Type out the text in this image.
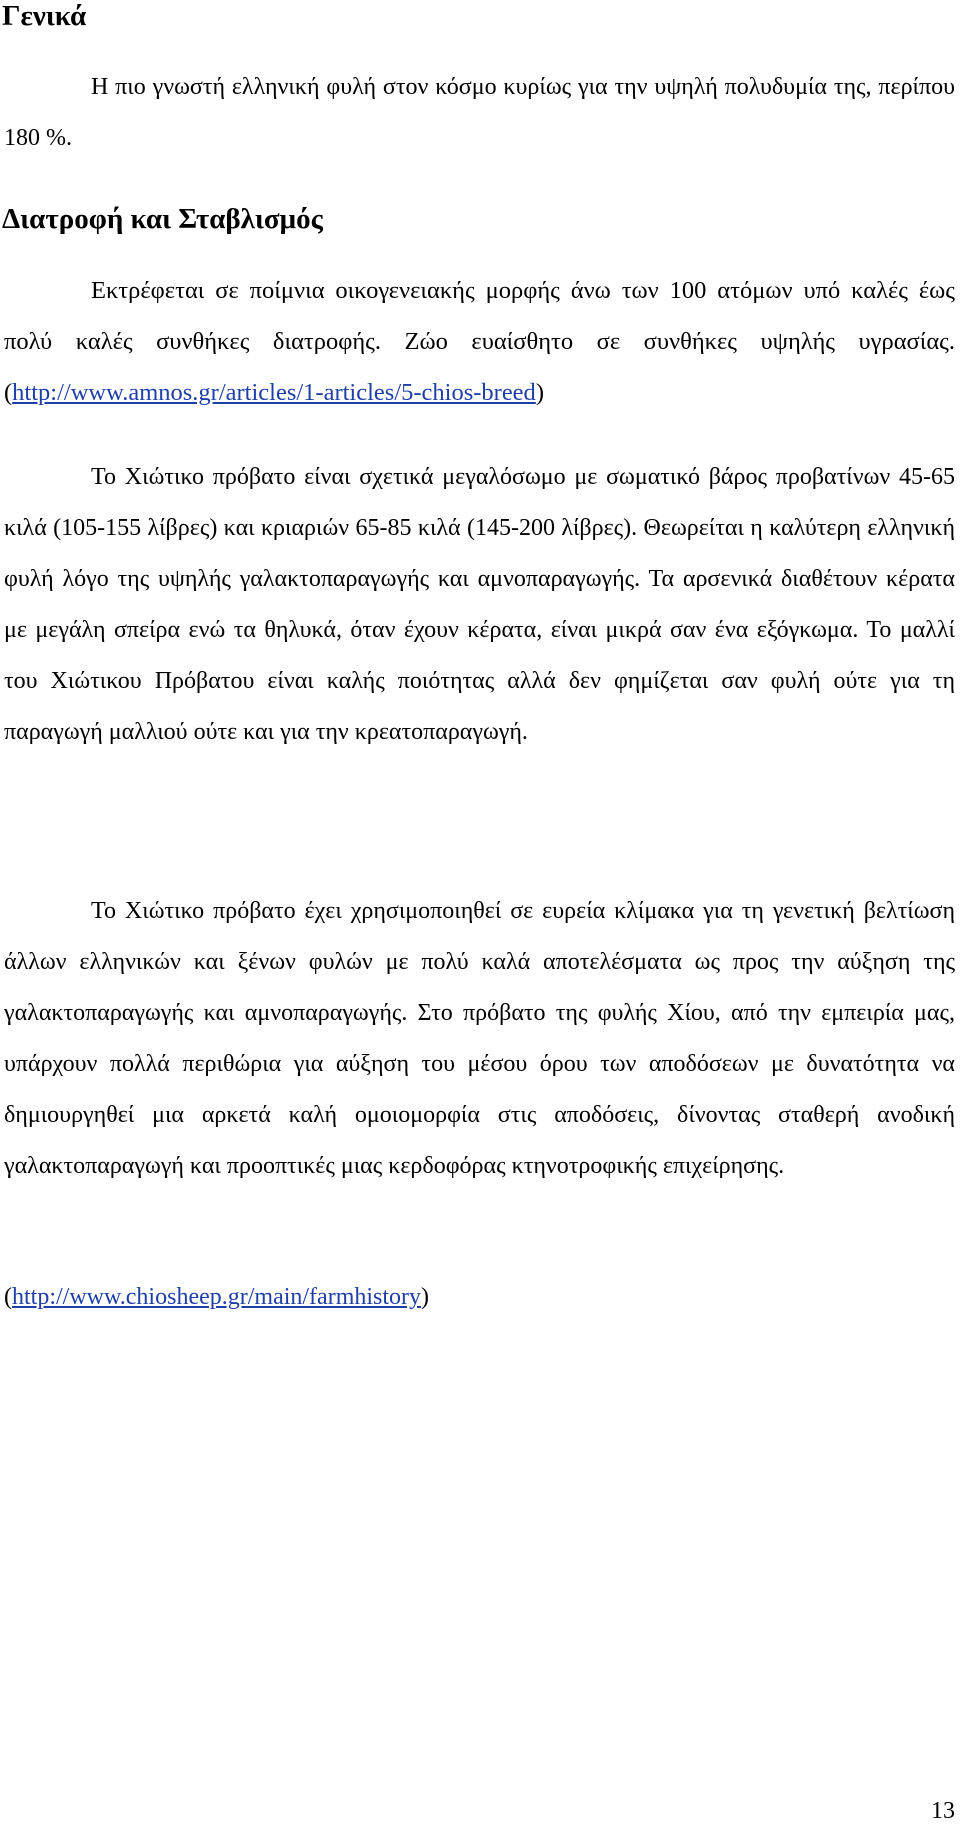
Γενικά

Η πιο γνωστή ελληνική φυλή στον κόσμο κυρίως για την υψηλή πολυδυμία της, περίπου 180 %.

Διατροφή και Σταβλισμός

Εκτρέφεται σε ποίμνια οικογενειακής μορφής άνω των 100 ατόμων υπό καλές έως πολύ καλές συνθήκες διατροφής. Ζώο ευαίσθητο σε συνθήκες υψηλής υγρασίας. (http://www.amnos.gr/articles/1-articles/5-chios-breed)

Το Χιώτικο πρόβατο είναι σχετικά μεγαλόσωμο με σωματικό βάρος προβατίνων 45-65 κιλά (105-155 λίβρες) και κριαριών 65-85 κιλά (145-200 λίβρες). Θεωρείται η καλύτερη ελληνική φυλή λόγο της υψηλής γαλακτοπαραγωγής και αμνοπαραγωγής. Τα αρσενικά διαθέτουν κέρατα με μεγάλη σπείρα ενώ τα θηλυκά, όταν έχουν κέρατα, είναι μικρά σαν ένα εξόγκωμα. Το μαλλί του Χιώτικου Πρόβατου είναι καλής ποιότητας αλλά δεν φημίζεται σαν φυλή ούτε για τη παραγωγή μαλλιού ούτε και για την κρεατοπαραγωγή.

Το Χιώτικο πρόβατο έχει χρησιμοποιηθεί σε ευρεία κλίμακα για τη γενετική βελτίωση άλλων ελληνικών και ξένων φυλών με πολύ καλά αποτελέσματα ως προς την αύξηση της γαλακτοπαραγωγής και αμνοπαραγωγής. Στο πρόβατο της φυλής Χίου, από την εμπειρία μας, υπάρχουν πολλά περιθώρια για αύξηση του μέσου όρου των αποδόσεων με δυνατότητα να δημιουργηθεί μια αρκετά καλή ομοιομορφία στις αποδόσεις, δίνοντας σταθερή ανοδική γαλακτοπαραγωγή και προοπτικές μιας κερδοφόρας κτηνοτροφικής επιχείρησης.

(http://www.chiosheep.gr/main/farmhistory)

13
